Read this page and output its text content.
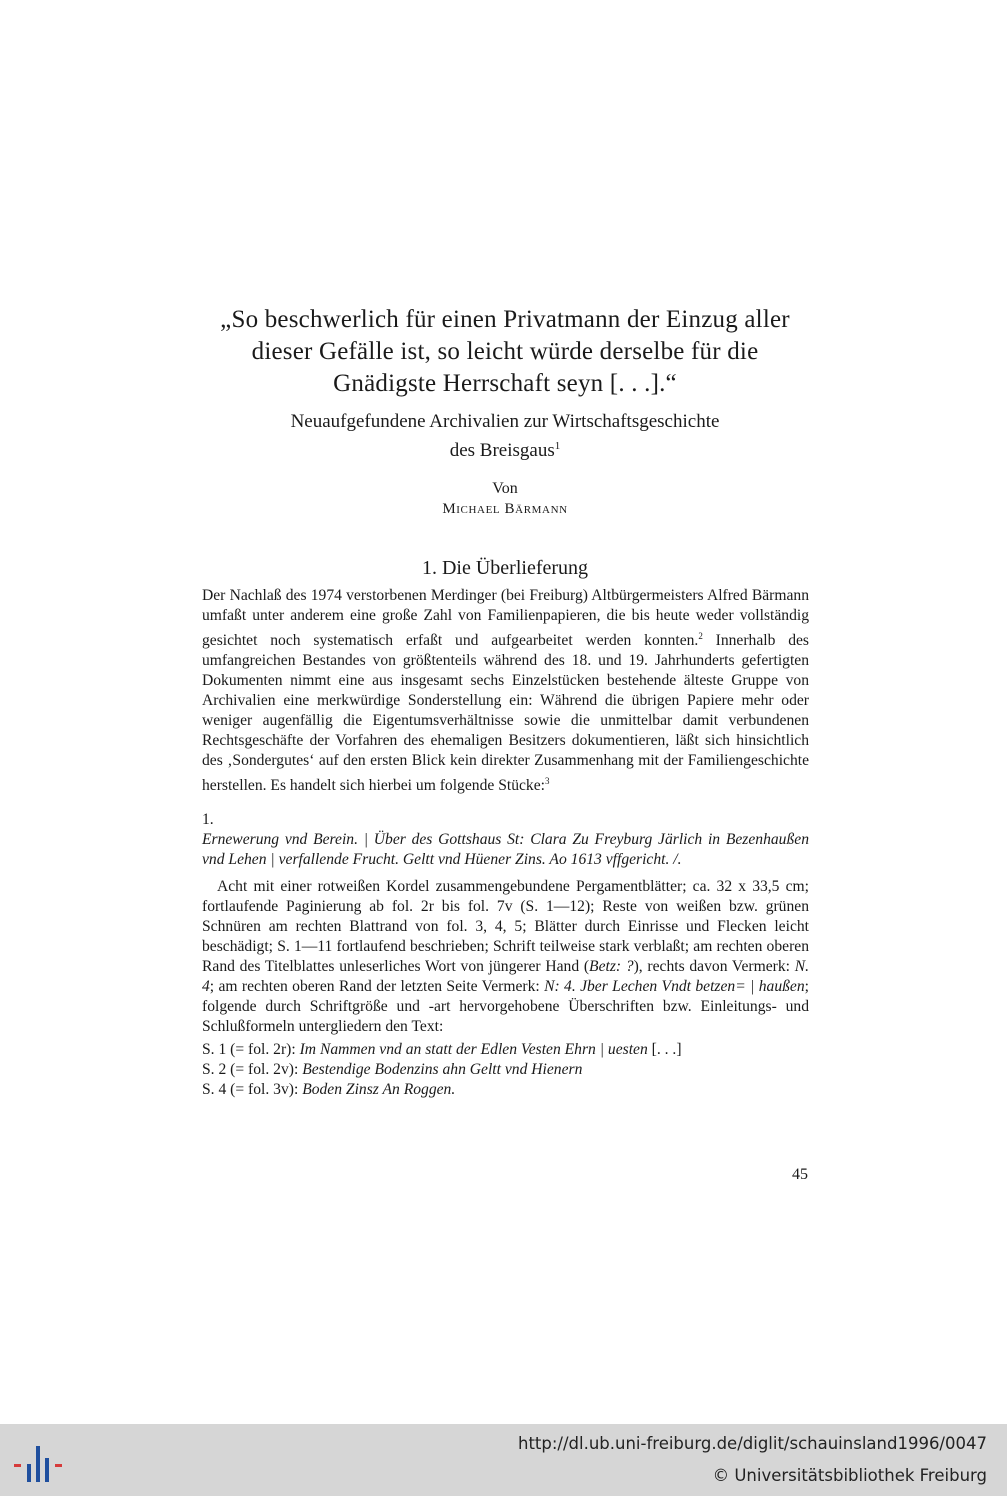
„So beschwerlich für einen Privatmann der Einzug aller
dieser Gefälle ist, so leicht würde derselbe für die
Gnädigste Herrschaft seyn [. . .].“
Neuaufgefundene Archivalien zur Wirtschaftsgeschichte
des Breisgaus$^1$
Von
Michael Bärmann
1. Die Überlieferung

Der Nachlaß des 1974 verstorbenen Merdinger (bei Freiburg) Altbürgermeisters Alfred Bärmann umfaßt unter anderem eine große Zahl von Familienpapieren, die bis heute weder vollständig gesichtet noch systematisch erfaßt und aufgearbeitet werden konnten.$^2$ Innerhalb des umfangreichen Bestandes von größtenteils während des 18. und 19. Jahrhunderts gefertigten Dokumenten nimmt eine aus insgesamt sechs Einzelstücken bestehende älteste Gruppe von Archivalien eine merkwürdige Sonderstellung ein: Während die übrigen Papiere mehr oder weniger augenfällig die Eigentumsverhältnisse sowie die unmittelbar damit verbundenen Rechtsgeschäfte der Vorfahren des ehemaligen Besitzers dokumentieren, läßt sich hinsichtlich des ‚Sondergutes‘ auf den ersten Blick kein direkter Zusammenhang mit der Familiengeschichte herstellen. Es handelt sich hierbei um folgende Stücke:$^3$

1.

Ernewerung vnd Berein. | Über des Gottshaus St: Clara Zu Freyburg Järlich in Bezenhaußen vnd Lehen | verfallende Frucht. Geltt vnd Hüener Zins. Ao 1613 vffgericht. /.

Acht mit einer rotweißen Kordel zusammengebundene Pergamentblätter; ca. 32 x 33,5 cm; fortlaufende Paginierung ab fol. 2r bis fol. 7v (S. 1—12); Reste von weißen bzw. grünen Schnüren am rechten Blattrand von fol. 3, 4, 5; Blätter durch Einrisse und Flecken leicht beschädigt; S. 1—11 fortlaufend beschrieben; Schrift teilweise stark verblaßt; am rechten oberen Rand des Titelblattes unleserliches Wort von jüngerer Hand (Betz: ?), rechts davon Vermerk: N. 4; am rechten oberen Rand der letzten Seite Vermerk: N: 4. Jber Lechen Vndt betzen= | haußen; folgende durch Schriftgröße und -art hervorgehobene Überschriften bzw. Einleitungs- und Schlußformeln untergliedern den Text:

S. 1 (= fol. 2r): Im Nammen vnd an statt der Edlen Vesten Ehrn | uesten [. . .]
S. 2 (= fol. 2v): Bestendige Bodenzins ahn Geltt vnd Hienern
S. 4 (= fol. 3v): Boden Zinsz An Roggen.
45
http://dl.ub.uni-freiburg.de/diglit/schauinsland1996/0047
© Universitätsbibliothek Freiburg
